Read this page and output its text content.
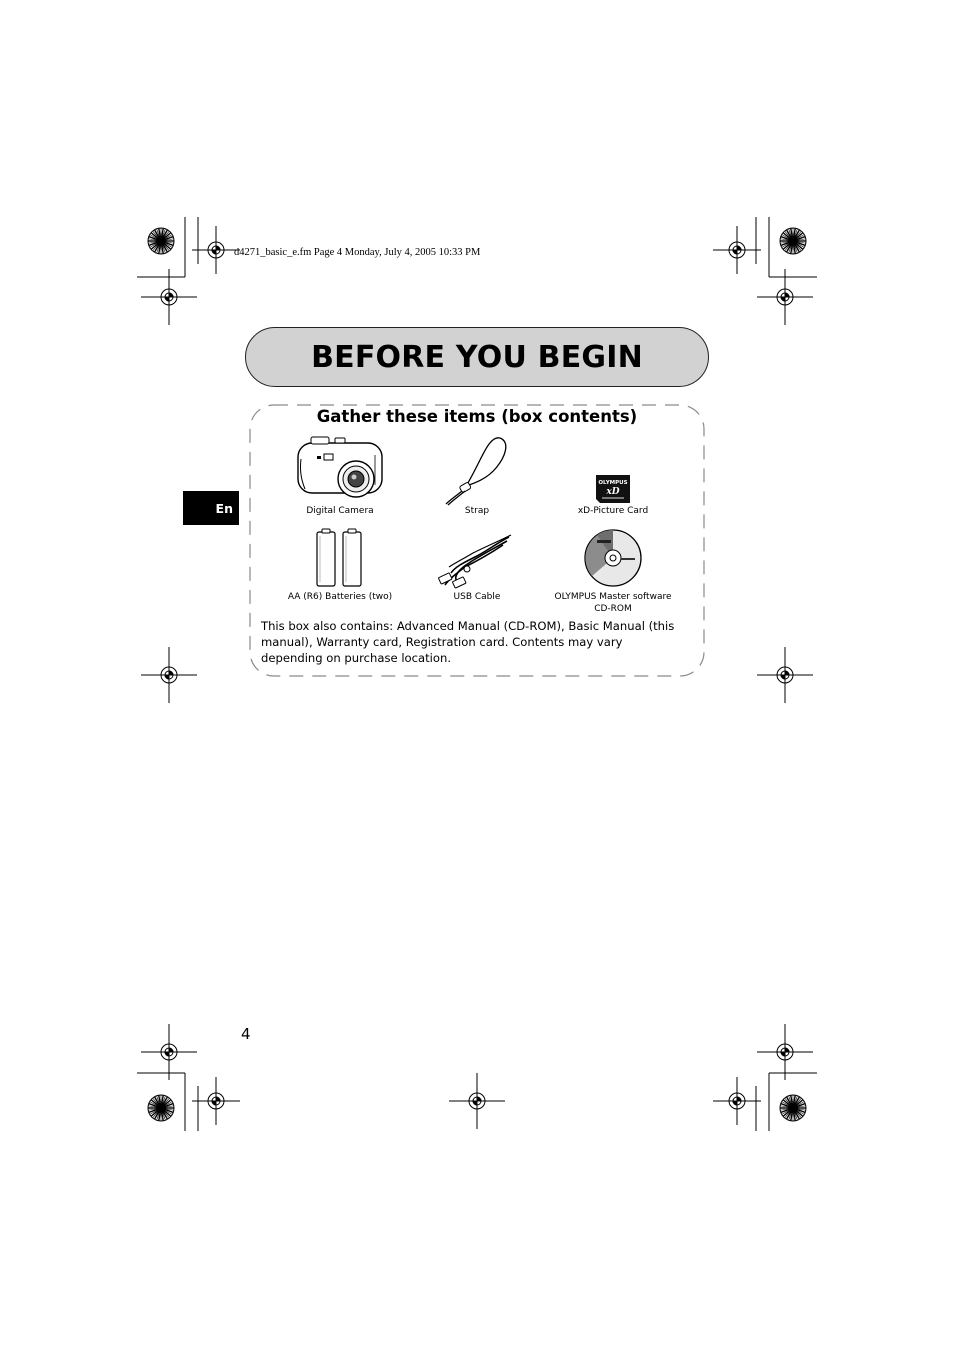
d4271_basic_e.fm Page 4 Monday, July 4, 2005 10:33 PM
BEFORE YOU BEGIN
En
Gather these items (box contents)
Digital Camera	Strap
OLYMPUS
xD
xD-Picture Card
AA (R6) Batteries (two)	USB Cable	OLYMPUS Master software
CD-ROM
This box also contains: Advanced Manual (CD-ROM), Basic Manual (this manual), Warranty card, Registration card. Contents may vary depending on purchase location.
4
